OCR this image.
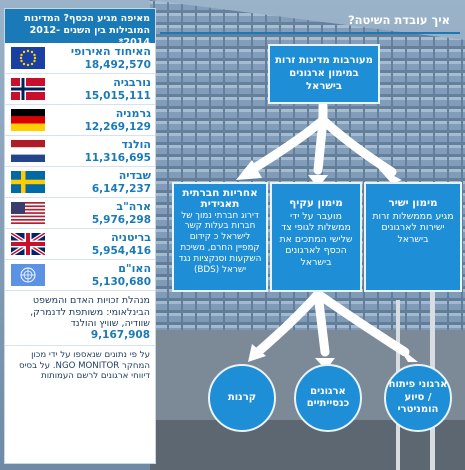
איך עובדת השיטה?
מאיפה מגיע הכסף? המדינות המובילות בין השנים 2012-2014*
האיחוד האירופי
18,492,570
נורבגיה
15,015,111
גרמניה
12,269,129
הולנד
11,316,695
שבדיה
6,147,237
ארה"ב
5,976,298
בריטניה
5,954,416
האו"ם
5,130,680
מנהלת זכויות האדם והמשפט הבינלאומי: משותפת לדנמרק, שוודיה, שוויץ והולנד
9,167,908
על פי נתונים שנאספו על ידי מכון המחקר NGO MONITOR. על בסיס דיווחי ארגונים לרשם העמותות
מעורבות מדינות זרות במימון ארגונים בישראל
מימון ישיר
מגיע מממשלות זרות ישירות לארגונים בישראל
מימון עקיף
מועבר על ידי ממשלות לגופי צד שלישי המתכים את הכסף לארגונים בישראל
אחריות חברתית תאגידית
דירוג חברתי נמוך של חברות בעלות קשר לישראל כ קידום קמפיין החרם, משיכת השקעות וסנקציות נגד ישראל (BDS)
ארגוני פיתוח / סיוע הומניטרי
ארגונים כנסייתיים
קרנות
